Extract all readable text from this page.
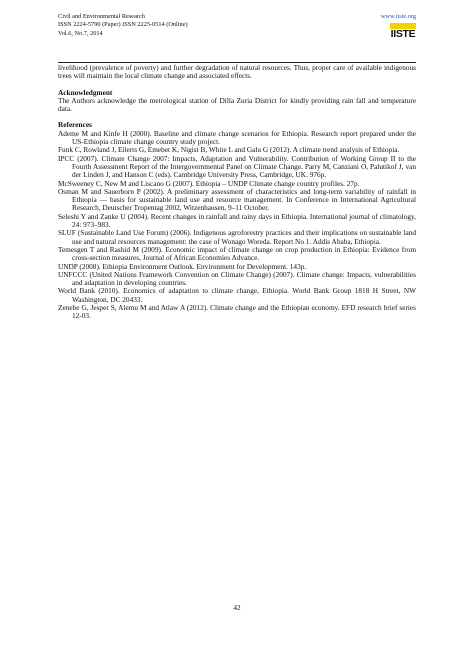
Civil and Environmental Research
ISSN 2224-5790 (Paper) ISSN 2225-0514 (Online)
Vol.6, No.7, 2014
www.iiste.org
IISTE

livelihood (prevalence of poverty) and further degradation of natural resources. Thus, proper care of available indigenous trees will maintain the local climate change and associated effects.

Acknowledgment

The Authors acknowledge the metrological station of Dilla Zuria District for kindly providing rain fall and temperature data.

References

Ademe M and Kinfe H (2000). Baseline and climate change scenarios for Ethiopia. Research report prepared under the US-Ethiopia climate change country study project.

Funk C, Rowland J, Eilerts G, Emebet K, Nigist B, White L and Galu G (2012). A climate trend analysis of Ethiopia.

IPCC (2007). Climate Change 2007: Impacts, Adaptation and Vulnerability. Contribution of Working Group II to the Fourth Assessment Report of the Intergovernmental Panel on Climate Change. Parry M, Canziani O, Palutikof J, van der Linden J, and Hanson C (eds). Cambridge University Press, Cambridge, UK. 976p.

McSweeney C, New M and Liscano G (2007). Ethiopia – UNDP Climate change country profiles. 27p.

Osman M and Sauerborn P (2002). A preliminary assessment of characteristics and long-term variability of rainfall in Ethiopia — basis for sustainable land use and resource management. In Conference in International Agricultural Research, Deutscher Tropentag 2002, Witzenhausen, 9–11 October.

Seleshi Y and Zanke U (2004). Recent changes in rainfall and rainy days in Ethiopia. International journal of climatology, 24: 973–983.

SLUF (Sustainable Land Use Forum) (2006). Indigenous agroforestry practices and their implications on sustainable land use and natural resources management: the case of Wonago Woreda. Report No 1. Addis Ababa, Ethiopia.

Temesgen T and Rashid M (2009). Economic impact of climate change on crop production in Ethiopia: Evidence from cross-section measures, Journal of African Economies Advance.

UNDP (2008). Ethiopia Environment Outlook. Environment for Development. 143p.

UNFCCC (United Nations Framework Convention on Climate Change) (2007). Climate change: Impacts, vulnerabilities and adaptation in developing countries.

World Bank (2010). Economics of adaptation to climate change, Ethiopia. World Bank Group 1818 H Street, NW Washington, DC 20433.

Zenebe G, Jesper S, Alemu M and Atlaw A (2012). Climate change and the Ethiopian economy. EFD research brief series 12-03.

42
